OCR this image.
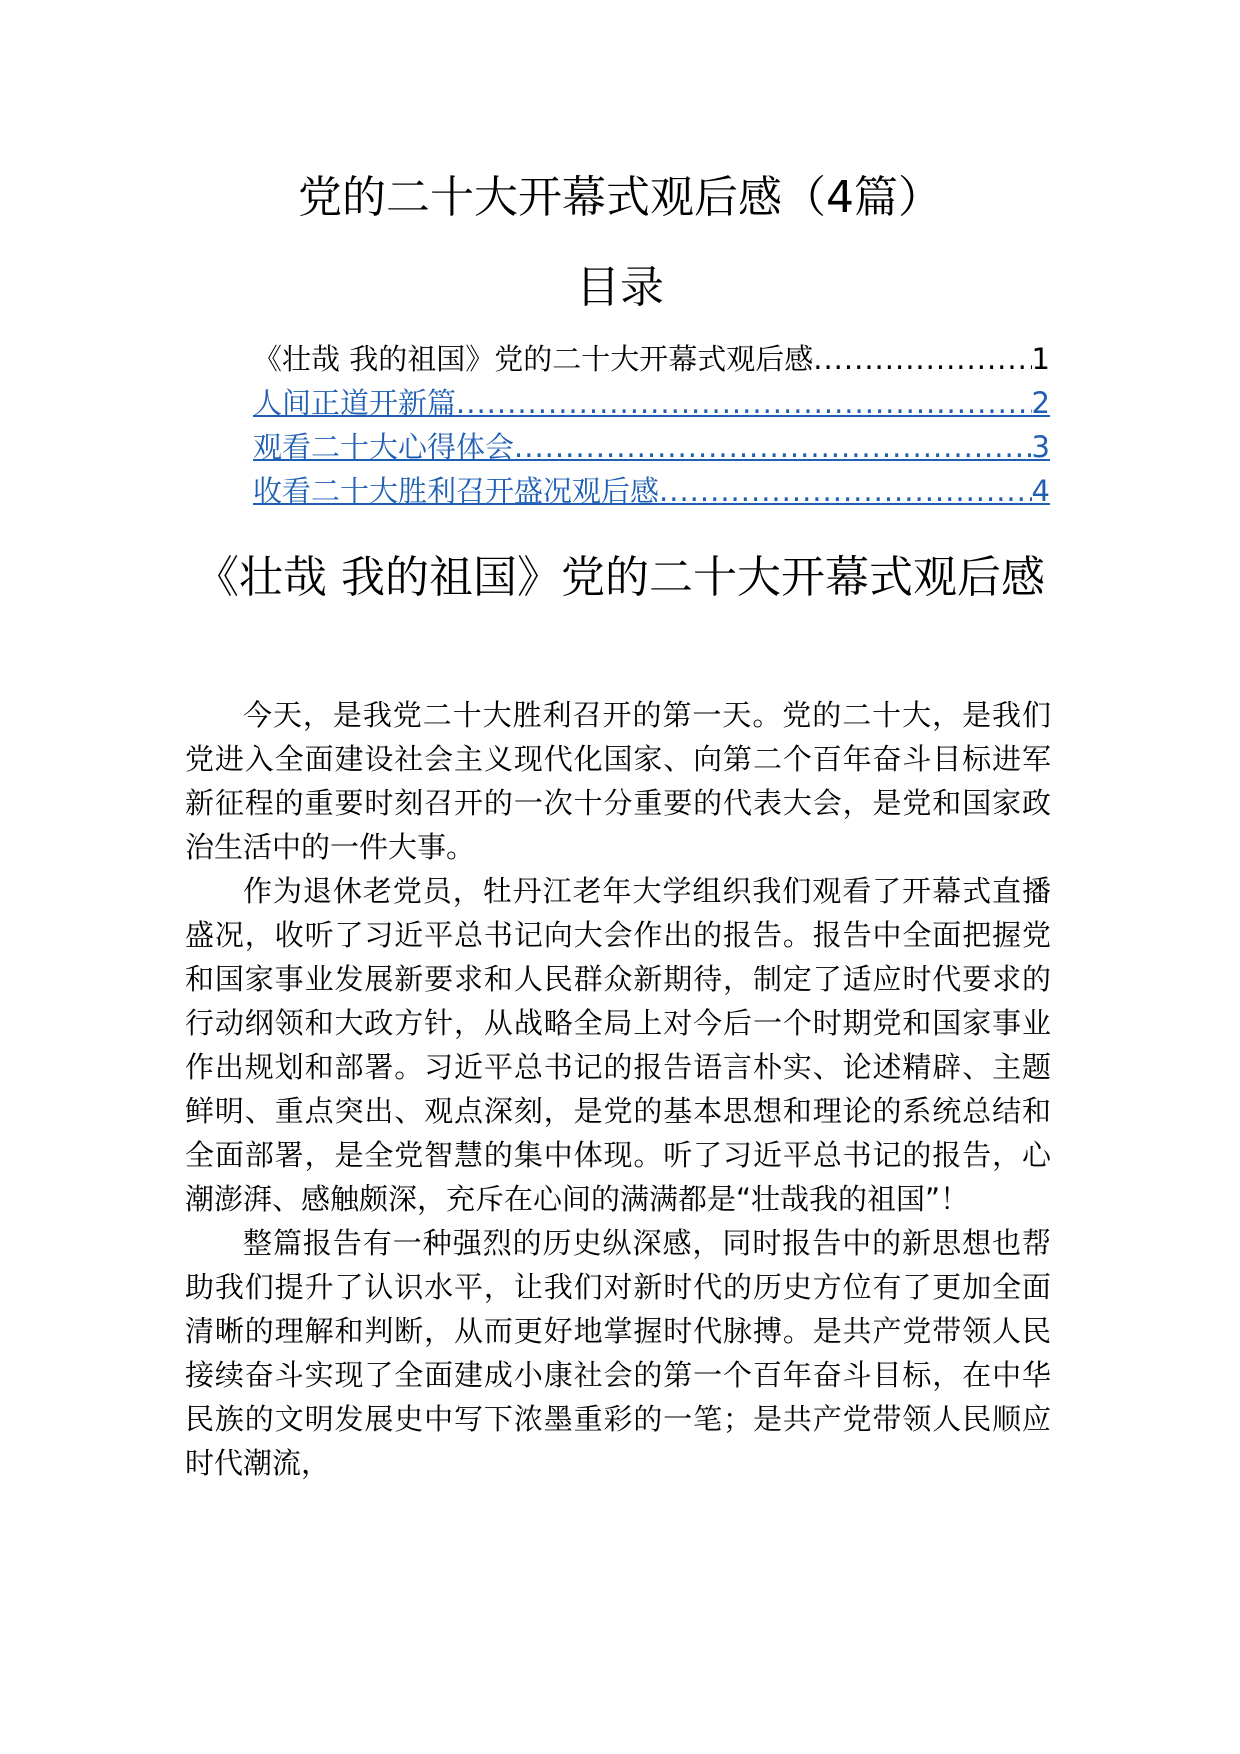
党的二十大开幕式观后感（4篇）
目录
《壮哉 我的祖国》党的二十大开幕式观后感 .....	1
人间正道开新篇 .....	2
观看二十大心得体会 .....	3
收看二十大胜利召开盛况观后感 .....	4
《壮哉 我的祖国》党的二十大开幕式观后感

今天，是我党二十大胜利召开的第一天。党的二十大，是我们党进入全面建设社会主义现代化国家、向第二个百年奋斗目标进军新征程的重要时刻召开的一次十分重要的代表大会，是党和国家政治生活中的一件大事。

作为退休老党员，牡丹江老年大学组织我们观看了开幕式直播盛况，收听了习近平总书记向大会作出的报告。报告中全面把握党和国家事业发展新要求和人民群众新期待，制定了适应时代要求的行动纲领和大政方针，从战略全局上对今后一个时期党和国家事业作出规划和部署。习近平总书记的报告语言朴实、论述精辟、主题鲜明、重点突出、观点深刻，是党的基本思想和理论的系统总结和全面部署，是全党智慧的集中体现。听了习近平总书记的报告，心潮澎湃、感触颇深，充斥在心间的满满都是“壮哉我的祖国”！

整篇报告有一种强烈的历史纵深感，同时报告中的新思想也帮助我们提升了认识水平，让我们对新时代的历史方位有了更加全面清晰的理解和判断，从而更好地掌握时代脉搏。是共产党带领人民接续奋斗实现了全面建成小康社会的第一个百年奋斗目标，在中华民族的文明发展史中写下浓墨重彩的一笔；是共产党带领人民顺应时代潮流，
